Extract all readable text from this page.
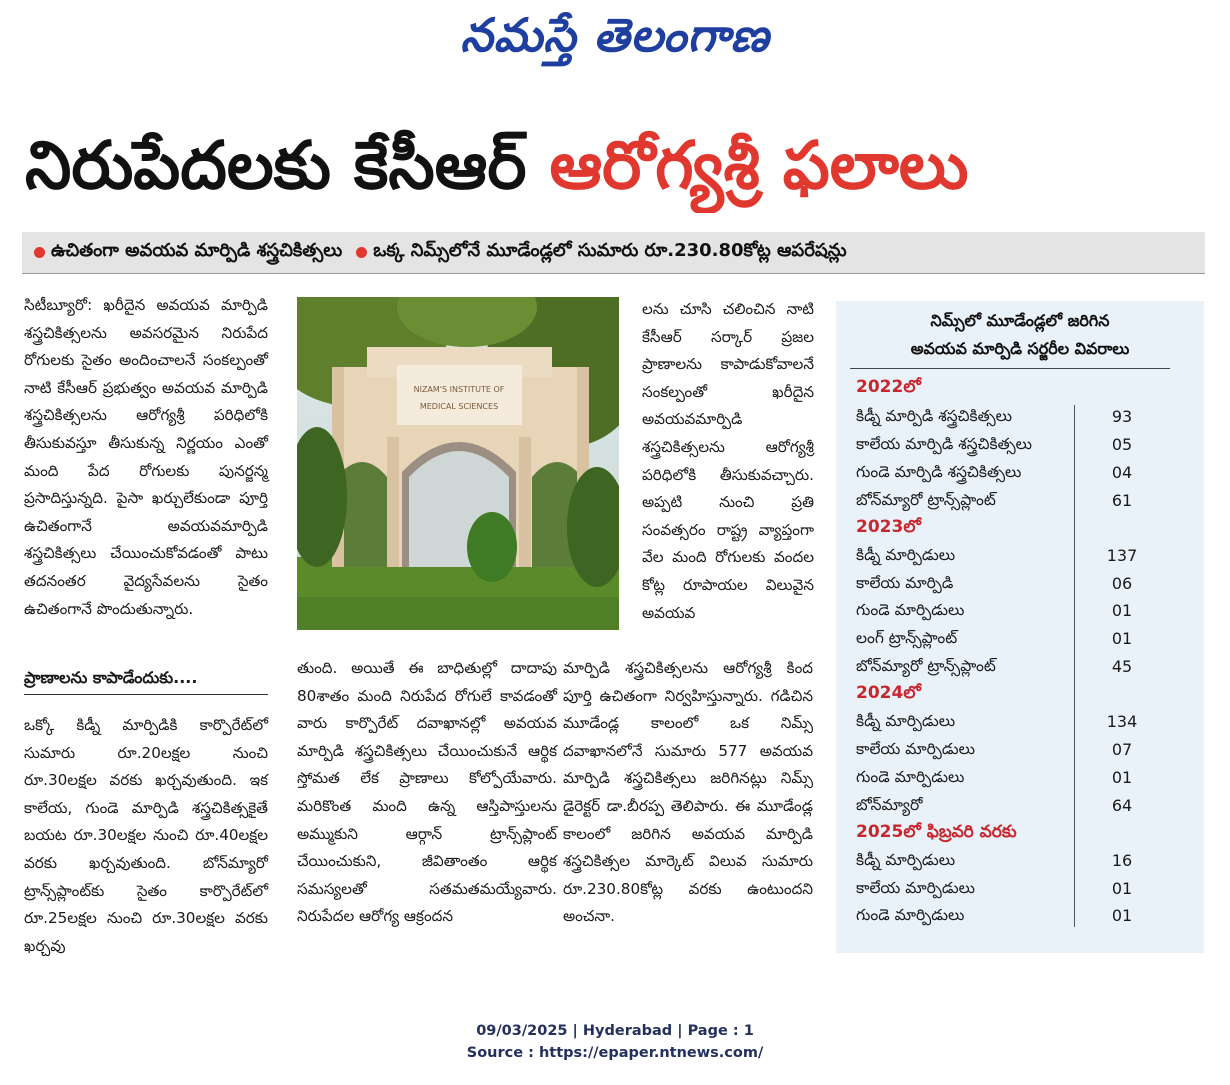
నమస్తే తెలంగాణ
నిరుపేదలకు కేసీఆర్ ఆరోగ్యశ్రీ ఫలాలు
ఉచితంగా అవయవ మార్పిడి శస్త్రచికిత్సలు ఒక్క నిమ్స్‌లోనే మూడేండ్లలో సుమారు రూ.230.80కోట్ల ఆపరేషన్లు

సిటీబ్యూరో: ఖరీదైన అవయవ మార్పిడి శస్త్రచికిత్సలను అవసరమైన నిరుపేద రోగులకు సైతం అందించాలనే సంకల్పంతో నాటి కేసీఆర్ ప్రభుత్వం అవయవ మార్పిడి శస్త్రచికిత్సలను ఆరోగ్యశ్రీ పరిధిలోకి తీసుకువస్తూ తీసుకున్న నిర్ణయం ఎంతో మంది పేద రోగులకు పునర్జన్మ ప్రసాదిస్తున్నది. పైసా ఖర్చులేకుండా పూర్తి ఉచితంగానే అవయవమార్పిడి శస్త్రచికిత్సలు చేయించుకోవడంతో పాటు తదనంతర వైద్యసేవలను సైతం ఉచితంగానే పొందుతున్నారు.

ప్రాణాలను కాపాడేందుకు....

ఒక్కో కిడ్నీ మార్పిడికి కార్పొరేట్‌లో సుమారు రూ.20లక్షల నుంచి రూ.30లక్షల వరకు ఖర్చవుతుంది. ఇక కాలేయ, గుండె మార్పిడి శస్త్రచికిత్సకైతే బయట రూ.30లక్షల నుంచి రూ.40లక్షల వరకు ఖర్చవుతుంది. బోన్‌మ్యారో ట్రాన్స్‌ప్లాంట్‌కు సైతం కార్పొరేట్‌లో రూ.25లక్షల నుంచి రూ.30లక్షల వరకు ఖర్చవు

NIZAM'S INSTITUTE OF
MEDICAL SCIENCES

లను చూసి చలించిన నాటి కేసీఆర్ సర్కార్ ప్రజల ప్రాణాలను కాపాడుకోవాలనే సంకల్పంతో ఖరీదైన అవయవమార్పిడి శస్త్రచికిత్సలను ఆరోగ్యశ్రీ పరిధిలోకి తీసుకువచ్చారు. అప్పటి నుంచి ప్రతి సంవత్సరం రాష్ట్ర వ్యాప్తంగా వేల మంది రోగులకు వందల కోట్ల రూపాయల విలువైన అవయవ

తుంది. అయితే ఈ బాధితుల్లో దాదాపు 80శాతం మంది నిరుపేద రోగులే కావడంతో వారు కార్పొరేట్ దవాఖానల్లో అవయవ మార్పిడి శస్త్రచికిత్సలు చేయించుకునే ఆర్థిక స్తోమత లేక ప్రాణాలు కోల్పోయేవారు. మరికొంత మంది ఉన్న ఆస్తిపాస్తులను అమ్ముకుని ఆర్గాన్ ట్రాన్స్‌ప్లాంట్ చేయించుకుని, జీవితాంతం ఆర్థిక సమస్యలతో సతమతమయ్యేవారు. నిరుపేదల ఆరోగ్య ఆక్రందన

మార్పిడి శస్త్రచికిత్సలను ఆరోగ్యశ్రీ కింద పూర్తి ఉచితంగా నిర్వహిస్తున్నారు. గడిచిన మూడేండ్ల కాలంలో ఒక నిమ్స్ దవాఖానలోనే సుమారు 577 అవయవ మార్పిడి శస్త్రచికిత్సలు జరిగినట్లు నిమ్స్ డైరెక్టర్ డా.బీరప్ప తెలిపారు. ఈ మూడేండ్ల కాలంలో జరిగిన అవయవ మార్పిడి శస్త్రచికిత్సల మార్కెట్ విలువ సుమారు రూ.230.80కోట్ల వరకు ఉంటుందని అంచనా.

నిమ్స్‌లో మూడేండ్లలో జరిగిన
అవయవ మార్పిడి సర్జరీల వివరాలు
2022లో
కిడ్నీ మార్పిడి శస్త్రచికిత్సలు	93
కాలేయ మార్పిడి శస్త్రచికిత్సలు	05
గుండె మార్పిడి శస్త్రచికిత్సలు	04
బోన్‌మ్యారో ట్రాన్స్‌ప్లాంట్	61
2023లో
కిడ్నీ మార్పిడులు	137
కాలేయ మార్పిడి	06
గుండె మార్పిడులు	01
లంగ్ ట్రాన్స్‌ప్లాంట్	01
బోన్‌మ్యారో ట్రాన్స్‌ప్లాంట్	45
2024లో
కిడ్నీ మార్పిడులు	134
కాలేయ మార్పిడులు	07
గుండె మార్పిడులు	01
బోన్‌మ్యారో	64
2025లో ఫిబ్రవరి వరకు
కిడ్నీ మార్పిడులు	16
కాలేయ మార్పిడులు	01
గుండె మార్పిడులు	01
09/03/2025 | Hyderabad | Page : 1
Source : https://epaper.ntnews.com/
